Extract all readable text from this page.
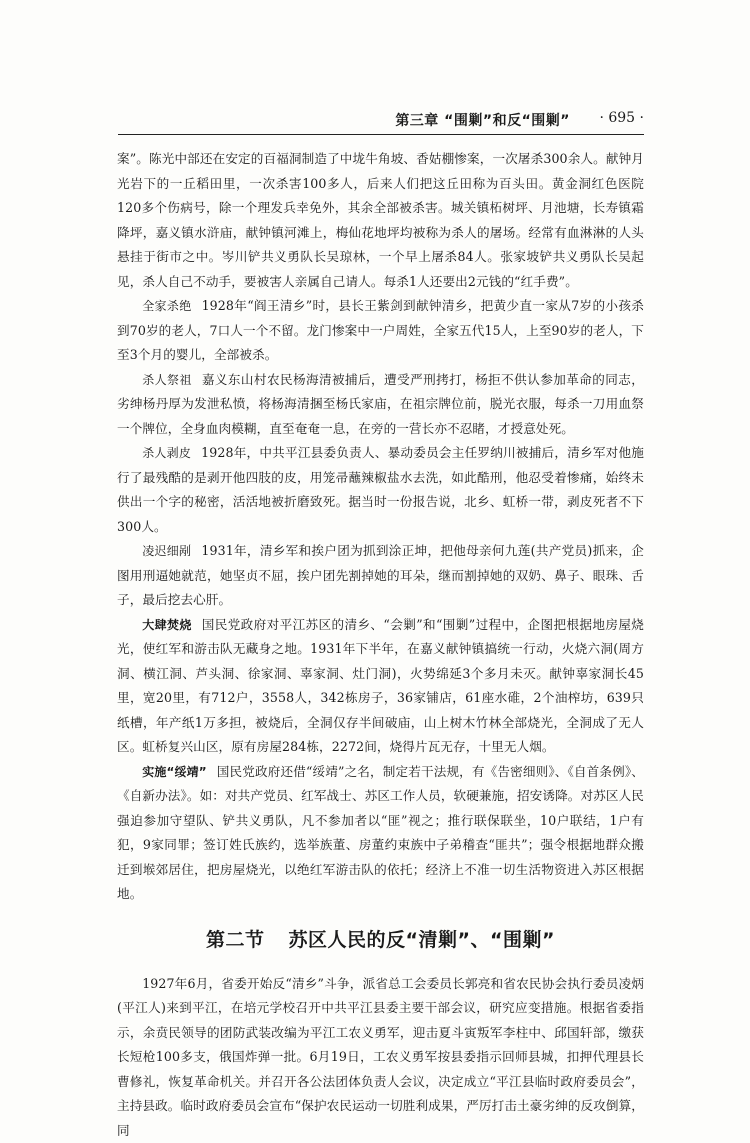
第三章 “围剿”和反“围剿” · 695 ·

案”。陈光中部还在安定的百福洞制造了中垅牛角坡、香姑棚惨案，一次屠杀300余人。献钟月光岩下的一丘稻田里，一次杀害100多人，后来人们把这丘田称为百头田。黄金洞红色医院120多个伤病号，除一个理发兵幸免外，其余全部被杀害。城关镇柘树坪、月池塘，长寿镇霜降坪，嘉义镇水浒庙，献钟镇河滩上，梅仙花地坪均被称为杀人的屠场。经常有血淋淋的人头悬挂于街市之中。岑川铲共义勇队长吴琼林，一个早上屠杀84人。张家坡铲共义勇队长吴起见，杀人自己不动手，要被害人亲属自己请人。每杀1人还要出2元钱的“红手费”。

全家杀绝 1928年“阎王清乡”时，县长王紫剑到献钟清乡，把黄少直一家从7岁的小孩杀到70岁的老人，7口人一个不留。龙门惨案中一户周姓，全家五代15人，上至90岁的老人，下至3个月的婴儿，全部被杀。

杀人祭祖 嘉义东山村农民杨海清被捕后，遭受严刑拷打，杨拒不供认参加革命的同志，劣绅杨丹厚为发泄私愤，将杨海清捆至杨氏家庙，在祖宗牌位前，脱光衣服，每杀一刀用血祭一个牌位，全身血肉模糊，直至奄奄一息，在旁的一营长亦不忍睹，才授意处死。

杀人剥皮 1928年，中共平江县委负责人、暴动委员会主任罗纳川被捕后，清乡军对他施行了最残酷的是剥开他四肢的皮，用笼帚蘸辣椒盐水去洗，如此酷刑，他忍受着惨痛，始终未供出一个字的秘密，活活地被折磨致死。据当时一份报告说，北乡、虹桥一带，剥皮死者不下300人。

凌迟细剐 1931年，清乡军和挨户团为抓到涂正坤，把他母亲何九莲(共产党员)抓来，企图用刑逼她就范，她坚贞不屈，挨户团先割掉她的耳朵，继而割掉她的双奶、鼻子、眼珠、舌子，最后挖去心肝。

大肆焚烧 国民党政府对平江苏区的清乡、“会剿”和“围剿”过程中，企图把根据地房屋烧光，使红军和游击队无藏身之地。1931年下半年，在嘉义献钟镇搞统一行动，火烧六洞(周方洞、横江洞、芦头洞、徐家洞、辜家洞、灶门洞)，火势绵延3个多月未灭。献钟辜家洞长45里，宽20里，有712户，3558人，342栋房子，36家铺店，61座水碓，2个油榨坊，639只纸槽，年产纸1万多担，被烧后，全洞仅存半间破庙，山上树木竹林全部烧光，全洞成了无人区。虹桥复兴山区，原有房屋284栋，2272间，烧得片瓦无存，十里无人烟。

实施“绥靖” 国民党政府还借“绥靖”之名，制定若干法规，有《告密细则》、《自首条例》、《自新办法》。如：对共产党员、红军战士、苏区工作人员，软硬兼施，招安诱降。对苏区人民强迫参加守望队、铲共义勇队，凡不参加者以“匪”视之；推行联保联坐，10户联结，1户有犯，9家同罪；签订姓氏族约，选举族董、房董约束族中子弟稽查“匪共”；强令根据地群众搬迁到堠郊居住，把房屋烧光，以绝红军游击队的依托；经济上不准一切生活物资进入苏区根据地。

第二节 苏区人民的反“清剿”、“围剿”

1927年6月，省委开始反“清乡”斗争，派省总工会委员长郭亮和省农民协会执行委员凌炳(平江人)来到平江，在培元学校召开中共平江县委主要干部会议，研究应变措施。根据省委指示，余贲民领导的团防武装改编为平江工农义勇军，迎击夏斗寅叛军李柱中、邱国轩部，缴获长短枪100多支，俄国炸弹一批。6月19日，工农义勇军按县委指示回师县城，扣押代理县长曹修礼，恢复革命机关。并召开各公法团体负责人会议，决定成立“平江县临时政府委员会”，主持县政。临时政府委员会宣布“保护农民运动一切胜利成果，严厉打击土豪劣绅的反攻倒算，同
